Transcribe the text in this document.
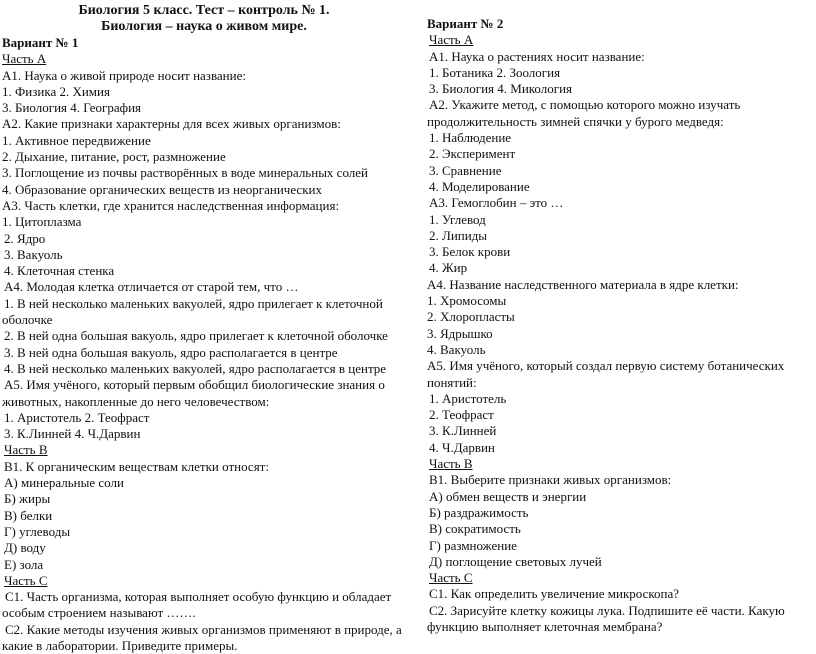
Биология 5 класс. Тест – контроль № 1.
Биология – наука о живом мире.
Вариант № 1
Часть А
А1. Наука о живой природе носит название:
1. Физика 2. Химия
3. Биология 4. География
А2. Какие признаки характерны для всех живых организмов:
1. Активное передвижение
2. Дыхание, питание, рост, размножение
3. Поглощение из почвы растворённых в воде минеральных солей
4. Образование органических веществ из неорганических
А3. Часть клетки, где хранится наследственная информация:
1. Цитоплазма
2. Ядро
3. Вакуоль
4. Клеточная стенка
А4. Молодая клетка отличается от старой тем, что …
1. В ней несколько маленьких вакуолей, ядро прилегает к клеточной
оболочке
2. В ней одна большая вакуоль, ядро прилегает к клеточной оболочке
3. В ней одна большая вакуоль, ядро располагается в центре
4. В ней несколько маленьких вакуолей, ядро располагается в центре
А5. Имя учёного, который первым обобщил биологические знания о
животных, накопленные до него человечеством:
1. Аристотель 2. Теофраст
3. К.Линней 4. Ч.Дарвин
Часть В
В1. К органическим веществам клетки относят:
А) минеральные соли
Б) жиры
В) белки
Г) углеводы
Д) воду
Е) зола
Часть С
С1. Часть организма, которая выполняет особую функцию и обладает
особым строением называют …….
С2. Какие методы изучения живых организмов применяют в природе, а
какие в лаборатории. Приведите примеры.
Вариант № 2
Часть А
А1. Наука о растениях носит название:
1. Ботаника 2. Зоология
3. Биология 4. Микология
А2. Укажите метод, с помощью которого можно изучать
продолжительность зимней спячки у бурого медведя:
1. Наблюдение
2. Эксперимент
3. Сравнение
4. Моделирование
А3. Гемоглобин – это …
1. Углевод
2. Липиды
3. Белок крови
4. Жир
А4. Название наследственного материала в ядре клетки:
1. Хромосомы
2. Хлоропласты
3. Ядрышко
4. Вакуоль
А5. Имя учёного, который создал первую систему ботанических
понятий:
1. Аристотель
2. Теофраст
3. К.Линней
4. Ч.Дарвин
Часть В
В1. Выберите признаки живых организмов:
А) обмен веществ и энергии
Б) раздражимость
В) сократимость
Г) размножение
Д) поглощение световых лучей
Часть С
С1. Как определить увеличение микроскопа?
С2. Зарисуйте клетку кожицы лука. Подпишите её части. Какую
функцию выполняет клеточная мембрана?
